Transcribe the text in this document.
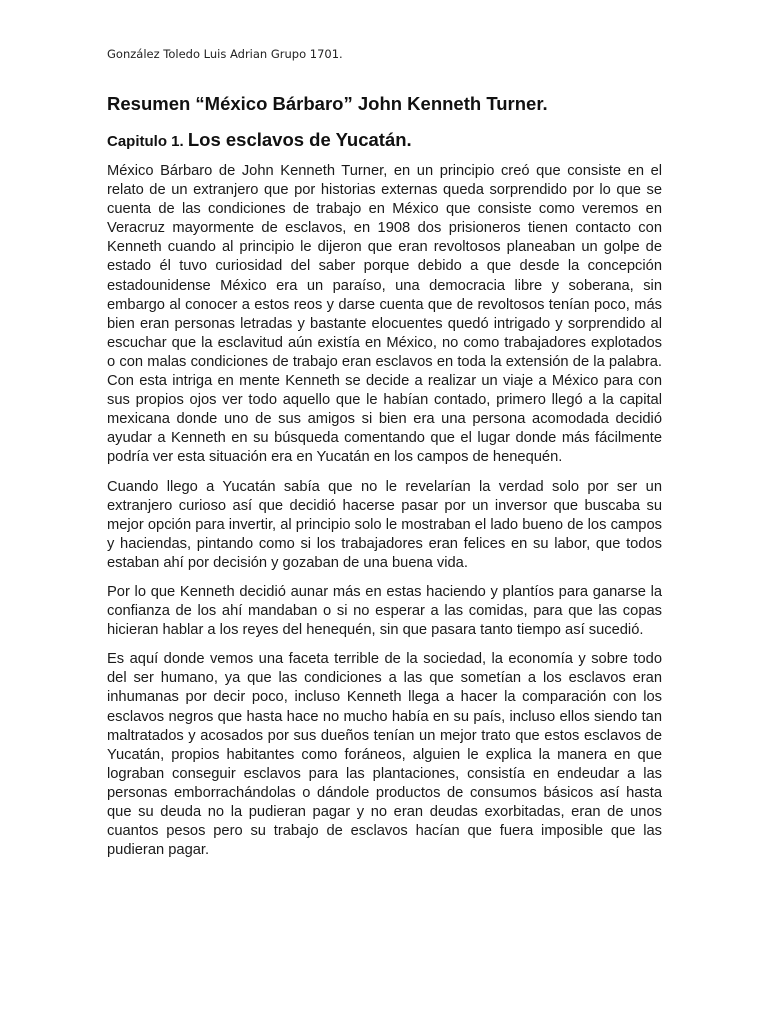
González Toledo Luis Adrian Grupo 1701.
Resumen “México Bárbaro” John Kenneth Turner.
Capitulo 1. Los esclavos de Yucatán.

México Bárbaro de John Kenneth Turner, en un principio creó que consiste en el relato de un extranjero que por historias externas queda sorprendido por lo que se cuenta de las condiciones de trabajo en México que consiste como veremos en Veracruz mayormente de esclavos, en 1908 dos prisioneros tienen contacto con Kenneth cuando al principio le dijeron que eran revoltosos planeaban un golpe de estado él tuvo curiosidad del saber porque debido a que desde la concepción estadounidense México era un paraíso, una democracia libre y soberana, sin embargo al conocer a estos reos y darse cuenta que de revoltosos tenían poco, más bien eran personas letradas y bastante elocuentes quedó intrigado y sorprendido al escuchar que la esclavitud aún existía en México, no como trabajadores explotados o con malas condiciones de trabajo eran esclavos en toda la extensión de la palabra. Con esta intriga en mente Kenneth se decide a realizar un viaje a México para con sus propios ojos ver todo aquello que le habían contado, primero llegó a la capital mexicana donde uno de sus amigos si bien era una persona acomodada decidió ayudar a Kenneth en su búsqueda comentando que el lugar donde más fácilmente podría ver esta situación era en Yucatán en los campos de henequén.

Cuando llego a Yucatán sabía que no le revelarían la verdad solo por ser un extranjero curioso así que decidió hacerse pasar por un inversor que buscaba su mejor opción para invertir, al principio solo le mostraban el lado bueno de los campos y haciendas, pintando como si los trabajadores eran felices en su labor, que todos estaban ahí por decisión y gozaban de una buena vida.

Por lo que Kenneth decidió aunar más en estas haciendo y plantíos para ganarse la confianza de los ahí mandaban o si no esperar a las comidas, para que las copas hicieran hablar a los reyes del henequén, sin que pasara tanto tiempo así sucedió.

Es aquí donde vemos una faceta terrible de la sociedad, la economía y sobre todo del ser humano, ya que las condiciones a las que sometían a los esclavos eran inhumanas por decir poco, incluso Kenneth llega a hacer la comparación con los esclavos negros que hasta hace no mucho había en su país, incluso ellos siendo tan maltratados y acosados por sus dueños tenían un mejor trato que estos esclavos de Yucatán, propios habitantes como foráneos, alguien le explica la manera en que lograban conseguir esclavos para las plantaciones, consistía en endeudar a las personas emborrachándolas o dándole productos de consumos básicos así hasta que su deuda no la pudieran pagar y no eran deudas exorbitadas, eran de unos cuantos pesos pero su trabajo de esclavos hacían que fuera imposible que las pudieran pagar.
